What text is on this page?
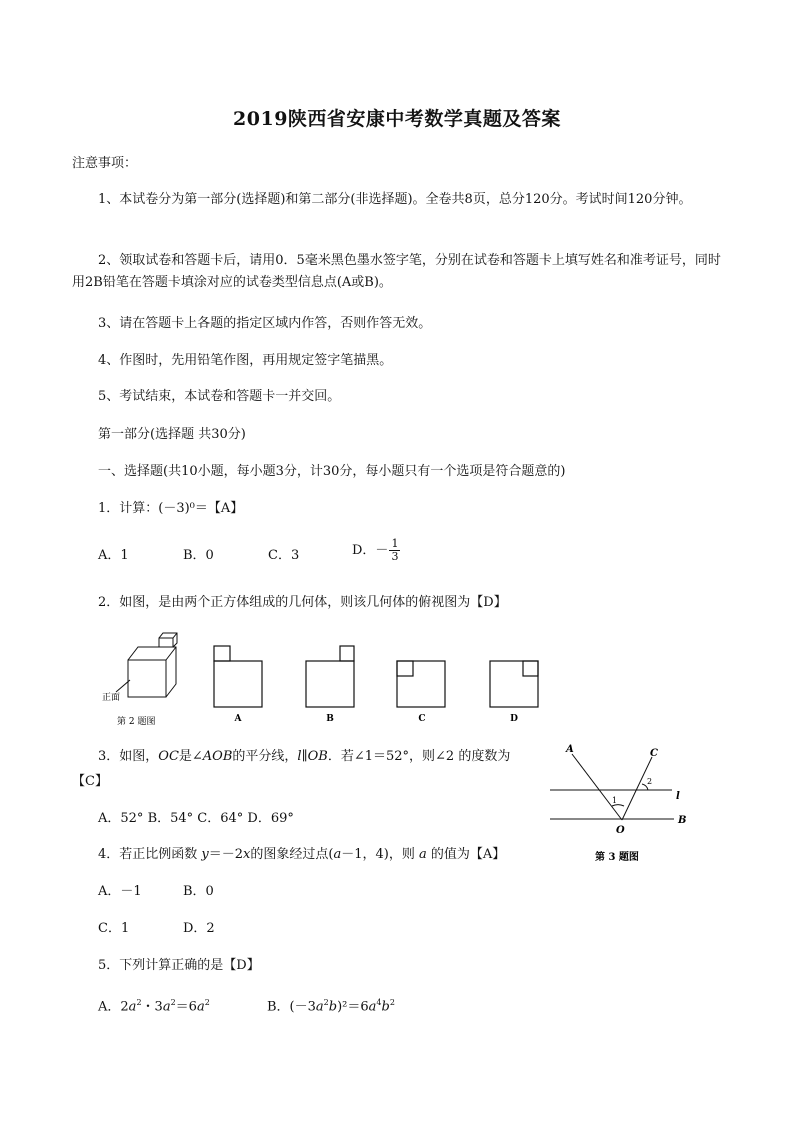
2019陕西省安康中考数学真题及答案
注意事项：
1、本试卷分为第一部分(选择题)和第二部分(非选择题)。全卷共8页，总分120分。考试时间120分钟。
2、领取试卷和答题卡后，请用0．5毫米黑色墨水签字笔，分别在试卷和答题卡上填写姓名和准考证号，同时用2B铅笔在答题卡填涂对应的试卷类型信息点(A或B)。
3、请在答题卡上各题的指定区域内作答，否则作答无效。
4、作图时，先用铅笔作图，再用规定签字笔描黑。
5、考试结束，本试卷和答题卡一并交回。
第一部分(选择题 共30分)
一、选择题(共10小题，每小题3分，计30分，每小题只有一个选项是符合题意的)
1．计算：(－3)⁰＝【A】
A．1	B．0	C．3	D．－ $\frac{1}{3}$
2．如图，是由两个正方体组成的几何体，则该几何体的俯视图为【D】
正面
第 2 题图	A	B	C	D
3．如图，OC是∠AOB的平分线，l∥OB．若∠1＝52°，则∠2 的度数为
【C】
A．52° B．54° C．64° D．69°
A	C
l
O
B
1
2
第 3 题图
4．若正比例函数 y＝－2x的图象经过点(a－1，4)，则 a 的值为【A】
A．－1	B．0
C．1	D．2
5．下列计算正确的是【D】
A．$2a^2$・$3a^2=6a^2$	B．$(-3a^2b)^2=6a^4b^2$
